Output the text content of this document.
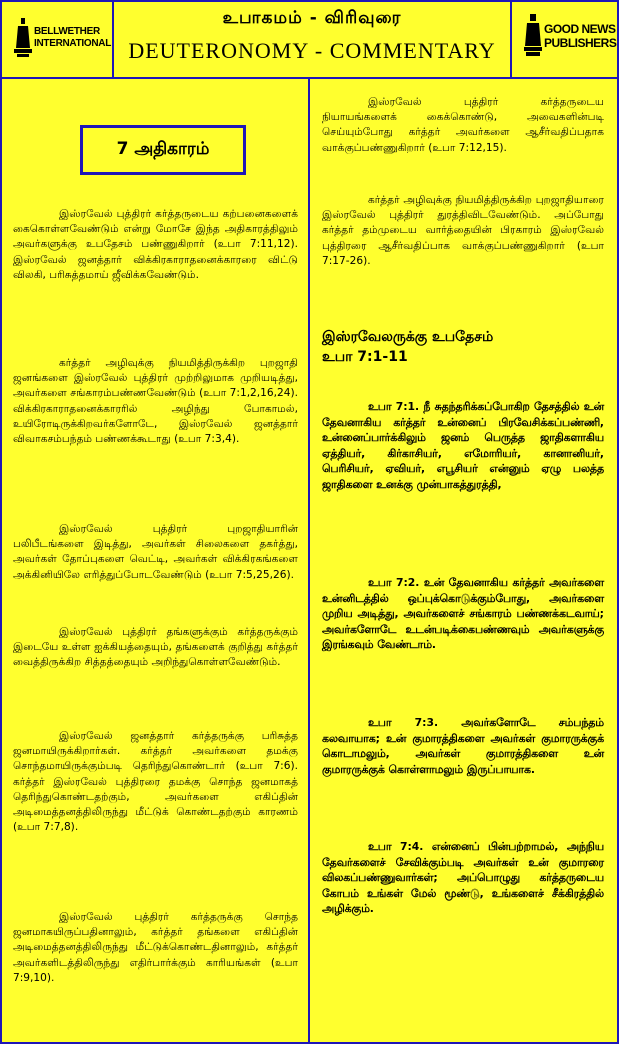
BELLWETHER
INTERNATIONAL
உபாகமம் - விரிவுரை
DEUTERONOMY - COMMENTARY
GOOD NEWS
PUBLISHERS
7 அதிகாரம்

இஸ்ரவேல் புத்திரர் கர்த்தருடைய கற்பனைகளைக் கைகொள்ளவேண்டும் என்று மோசே இந்த அதிகாரத்திலும் அவர்களுக்கு உபதேசம் பண்ணுகிறார் (உபா 7:11,12). இஸ்ரவேல் ஜனத்தார் விக்கிரகாராதனைக்காரரை விட்டு விலகி, பரிசுத்தமாய் ஜீவிக்கவேண்டும்.

கர்த்தர் அழிவுக்கு நியமித்திருக்கிற புறஜாதி ஜனங்களை இஸ்ரவேல் புத்திரர் முற்றிலுமாக முறியடித்து, அவர்களை சங்காரம்பண்ணவேண்டும் (உபா 7:1,2,16,24). விக்கிரகாராதனைக்காரரில் அழிந்து போகாமல், உயிரோடிருக்கிறவர்களோடே, இஸ்ரவேல் ஜனத்தார் விவாகசம்பந்தம் பண்ணக்கூடாது (உபா 7:3,4).

இஸ்ரவேல் புத்திரர் புறஜாதியாரின் பலிபீடங்களை இடித்து, அவர்கள் சிலைகளை தகர்த்து, அவர்கள் தோப்புகளை வெட்டி, அவர்கள் விக்கிரகங்களை அக்கினியிலே எரித்துப்போடவேண்டும் (உபா 7:5,25,26).

இஸ்ரவேல் புத்திரர் தங்களுக்கும் கர்த்தருக்கும் இடையே உள்ள ஐக்கியத்தையும், தங்களைக் குறித்து கர்த்தர் வைத்திருக்கிற சித்தத்தையும் அறிந்துகொள்ளவேண்டும்.

இஸ்ரவேல் ஜனத்தார் கர்த்தருக்கு பரிசுத்த ஜனமாயிருக்கிறார்கள். கர்த்தர் அவர்களை தமக்கு சொந்தமாயிருக்கும்படி தெரிந்துகொண்டார் (உபா 7:6). கர்த்தர் இஸ்ரவேல் புத்திரரை தமக்கு சொந்த ஜனமாகத் தெரிந்துகொண்டதற்கும், அவர்களை எகிப்தின் அடிமைத்தனத்திலிருந்து மீட்டுக் கொண்டதற்கும் காரணம் (உபா 7:7,8).

இஸ்ரவேல் புத்திரர் கர்த்தருக்கு சொந்த ஜனமாகயிருப்பதினாலும், கர்த்தர் தங்களை எகிப்தின் அடிமைத்தனத்திலிருந்து மீட்டுக்கொண்டதினாலும், கர்த்தர் அவர்களிடத்திலிருந்து எதிர்பார்க்கும் காரியங்கள் (உபா 7:9,10).

இஸ்ரவேல் புத்திரர் கர்த்தருடைய நியாயங்களைக் கைக்கொண்டு, அவைகளின்படி செய்யும்போது கர்த்தர் அவர்களை ஆசீர்வதிப்பதாக வாக்குப்பண்ணுகிறார் (உபா 7:12,15).

கர்த்தர் அழிவுக்கு நியமித்திருக்கிற புறஜாதியாரை இஸ்ரவேல் புத்திரர் துரத்திவிடவேண்டும். அப்போது கர்த்தர் தம்முடைய வார்த்தையின் பிரகாரம் இஸ்ரவேல் புத்திரரை ஆசீர்வதிப்பாக வாக்குப்பண்ணுகிறார் (உபா 7:17-26).

இஸ்ரவேலருக்கு உபதேசம்
உபா 7:1-11

உபா 7:1. நீ சுதந்தரிக்கப்போகிற தேசத்தில் உன் தேவனாகிய கர்த்தர் உன்னைப் பிரவேசிக்கப்பண்ணி, உன்னைப்பார்க்கிலும் ஜனம் பெருத்த ஜாதிகளாகிய ஏத்தியர், கிர்காசியர், எமோரியர், கானானியர், பெரிசியர், ஏவியர், எபூசியர் என்னும் ஏழு பலத்த ஜாதிகளை உனக்கு முன்பாகத்துரத்தி,

உபா 7:2. உன் தேவனாகிய கர்த்தர் அவர்களை உன்னிடத்தில் ஒப்புக்கொடுக்கும்போது, அவர்களை முறிய அடித்து, அவர்களைச் சங்காரம் பண்ணக்கடவாய்; அவர்களோடே உடன்படிக்கைபண்ணவும் அவர்களுக்கு இரங்கவும் வேண்டாம்.

உபா 7:3. அவர்களோடே சம்பந்தம் கலவாயாக; உன் குமாரத்திகளை அவர்கள் குமாரருக்குக் கொடாமலும், அவர்கள் குமாரத்திகளை உன் குமாரருக்குக் கொள்ளாமலும் இருப்பாயாக.

உபா 7:4. என்னைப் பின்பற்றாமல், அந்நிய தேவர்களைச் சேவிக்கும்படி அவர்கள் உன் குமாரரை விலகப்பண்ணுவார்கள்; அப்பொழுது கர்த்தருடைய கோபம் உங்கள் மேல் மூண்டு, உங்களைச் சீக்கிரத்தில் அழிக்கும்.
